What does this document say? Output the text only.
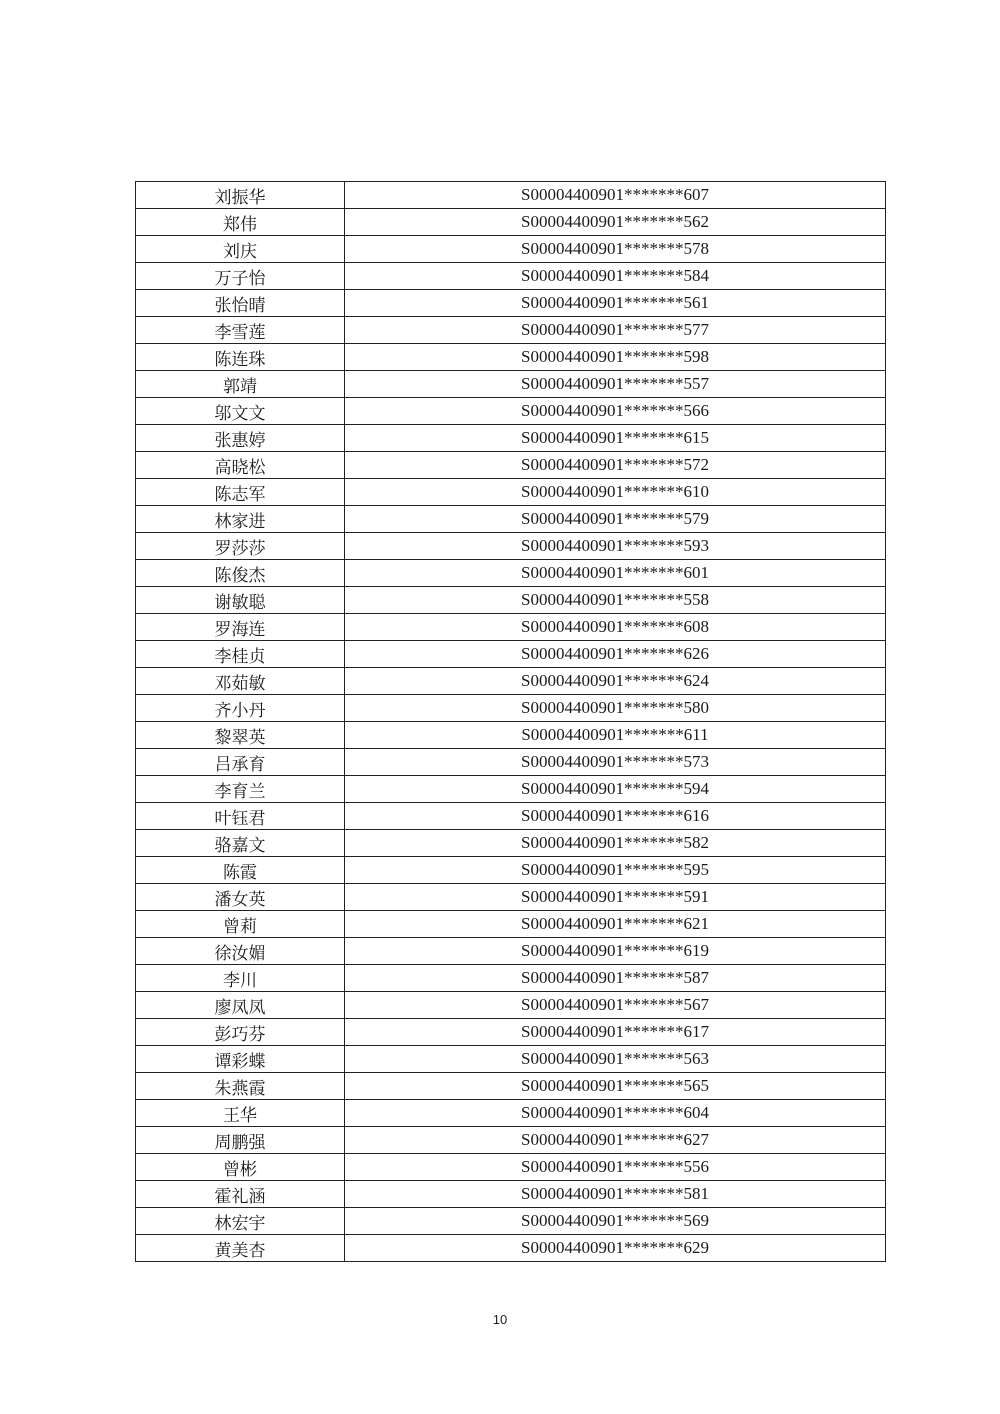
刘振华	S00004400901*******607
郑伟	S00004400901*******562
刘庆	S00004400901*******578
万子怡	S00004400901*******584
张怡晴	S00004400901*******561
李雪莲	S00004400901*******577
陈连珠	S00004400901*******598
郭靖	S00004400901*******557
邬文文	S00004400901*******566
张惠婷	S00004400901*******615
高晓松	S00004400901*******572
陈志军	S00004400901*******610
林家进	S00004400901*******579
罗莎莎	S00004400901*******593
陈俊杰	S00004400901*******601
谢敏聪	S00004400901*******558
罗海连	S00004400901*******608
李桂贞	S00004400901*******626
邓茹敏	S00004400901*******624
齐小丹	S00004400901*******580
黎翠英	S00004400901*******611
吕承育	S00004400901*******573
李育兰	S00004400901*******594
叶钰君	S00004400901*******616
骆嘉文	S00004400901*******582
陈霞	S00004400901*******595
潘女英	S00004400901*******591
曾莉	S00004400901*******621
徐汝媚	S00004400901*******619
李川	S00004400901*******587
廖凤凤	S00004400901*******567
彭巧芬	S00004400901*******617
谭彩蝶	S00004400901*******563
朱燕霞	S00004400901*******565
王华	S00004400901*******604
周鹏强	S00004400901*******627
曾彬	S00004400901*******556
霍礼涵	S00004400901*******581
林宏宇	S00004400901*******569
黄美杏	S00004400901*******629
10
